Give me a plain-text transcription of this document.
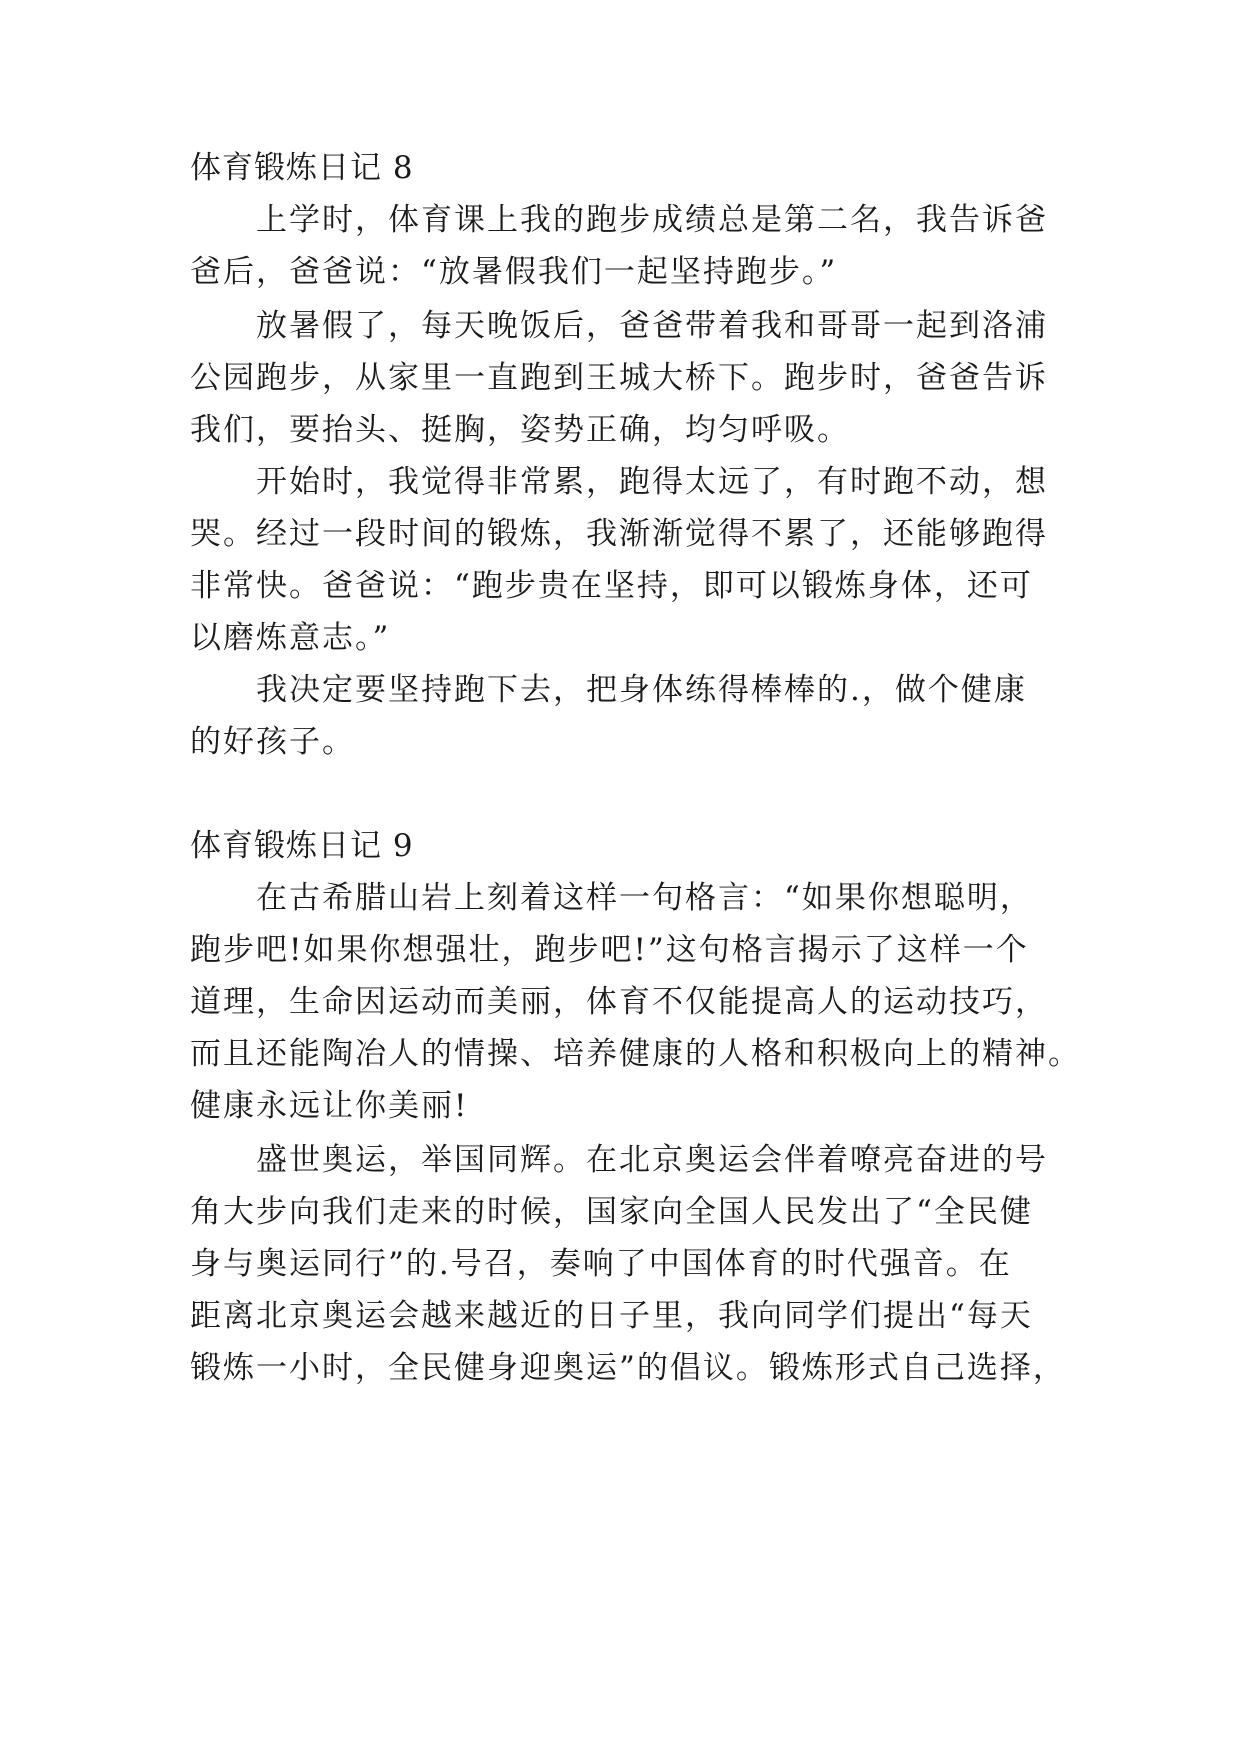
体育锻炼日记 8
上学时，体育课上我的跑步成绩总是第二名，我告诉爸
爸后，爸爸说：“放暑假我们一起坚持跑步。”
放暑假了，每天晚饭后，爸爸带着我和哥哥一起到洛浦
公园跑步，从家里一直跑到王城大桥下。跑步时，爸爸告诉
我们，要抬头、挺胸，姿势正确，均匀呼吸。
开始时，我觉得非常累，跑得太远了，有时跑不动，想
哭。经过一段时间的锻炼，我渐渐觉得不累了，还能够跑得
非常快。爸爸说：“跑步贵在坚持，即可以锻炼身体，还可
以磨炼意志。”
我决定要坚持跑下去，把身体练得棒棒的.，做个健康
的好孩子。
体育锻炼日记 9
在古希腊山岩上刻着这样一句格言：“如果你想聪明，
跑步吧!如果你想强壮，跑步吧!”这句格言揭示了这样一个
道理，生命因运动而美丽，体育不仅能提高人的运动技巧，
而且还能陶冶人的情操、培养健康的人格和积极向上的精神。
健康永远让你美丽!
盛世奥运，举国同辉。在北京奥运会伴着嘹亮奋进的号
角大步向我们走来的时候，国家向全国人民发出了“全民健
身与奥运同行”的.号召，奏响了中国体育的时代强音。在
距离北京奥运会越来越近的日子里，我向同学们提出“每天
锻炼一小时，全民健身迎奥运”的倡议。锻炼形式自己选择，
